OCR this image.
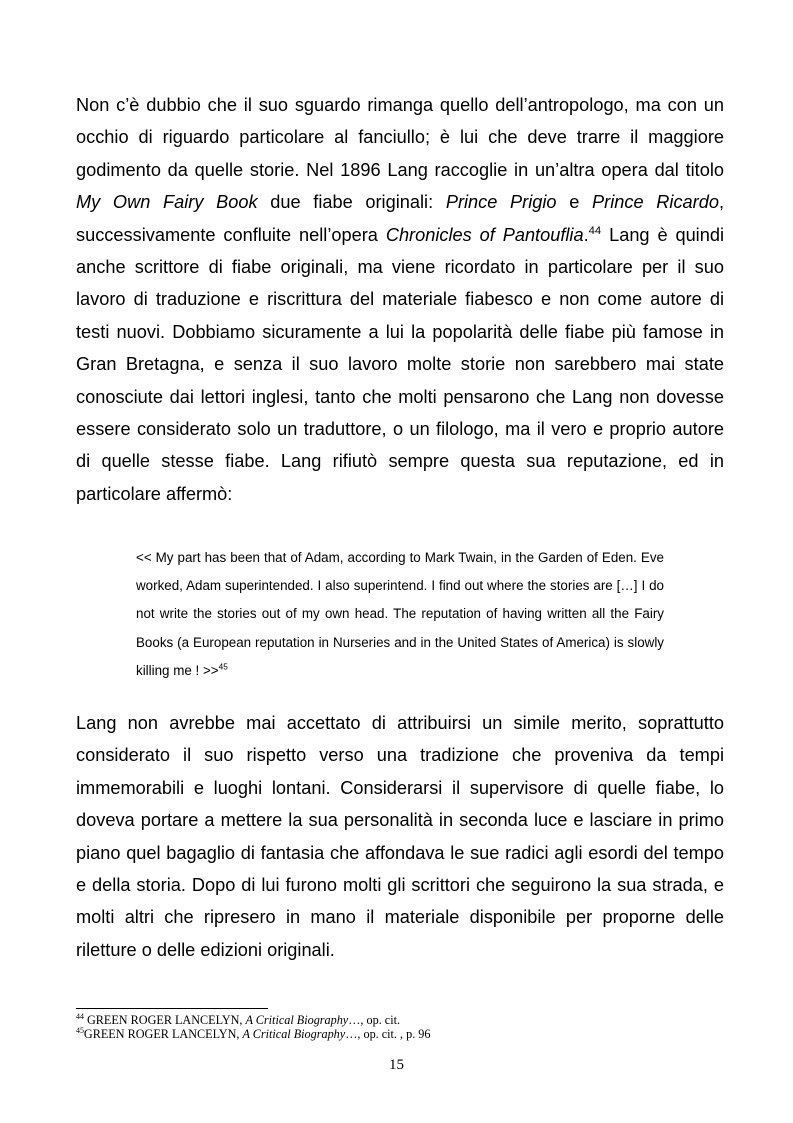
Non c’è dubbio che il suo sguardo rimanga quello dell’antropologo, ma con un occhio di riguardo particolare al fanciullo; è lui che deve trarre il maggiore godimento da quelle storie. Nel 1896 Lang raccoglie in un’altra opera dal titolo My Own Fairy Book due fiabe originali: Prince Prigio e Prince Ricardo, successivamente confluite nell’opera Chronicles of Pantouflia.$^{44}$ Lang è quindi anche scrittore di fiabe originali, ma viene ricordato in particolare per il suo lavoro di traduzione e riscrittura del materiale fiabesco e non come autore di testi nuovi. Dobbiamo sicuramente a lui la popolarità delle fiabe più famose in Gran Bretagna, e senza il suo lavoro molte storie non sarebbero mai state conosciute dai lettori inglesi, tanto che molti pensarono che Lang non dovesse essere considerato solo un traduttore, o un filologo, ma il vero e proprio autore di quelle stesse fiabe. Lang rifiutò sempre questa sua reputazione, ed in particolare affermò:

<< My part has been that of Adam, according to Mark Twain, in the Garden of Eden. Eve worked, Adam superintended. I also superintend. I find out where the stories are […] I do not write the stories out of my own head. The reputation of having written all the Fairy Books (a European reputation in Nurseries and in the United States of America) is slowly killing me ! >>$^{45}$

Lang non avrebbe mai accettato di attribuirsi un simile merito, soprattutto considerato il suo rispetto verso una tradizione che proveniva da tempi immemorabili e luoghi lontani. Considerarsi il supervisore di quelle fiabe, lo doveva portare a mettere la sua personalità in seconda luce e lasciare in primo piano quel bagaglio di fantasia che affondava le sue radici agli esordi del tempo e della storia. Dopo di lui furono molti gli scrittori che seguirono la sua strada, e molti altri che ripresero in mano il materiale disponibile per proporne delle riletture o delle edizioni originali.

$^{44}$ GREEN ROGER LANCELYN, A Critical Biography…, op. cit.
$^{45}$GREEN ROGER LANCELYN, A Critical Biography…, op. cit. , p. 96
15
